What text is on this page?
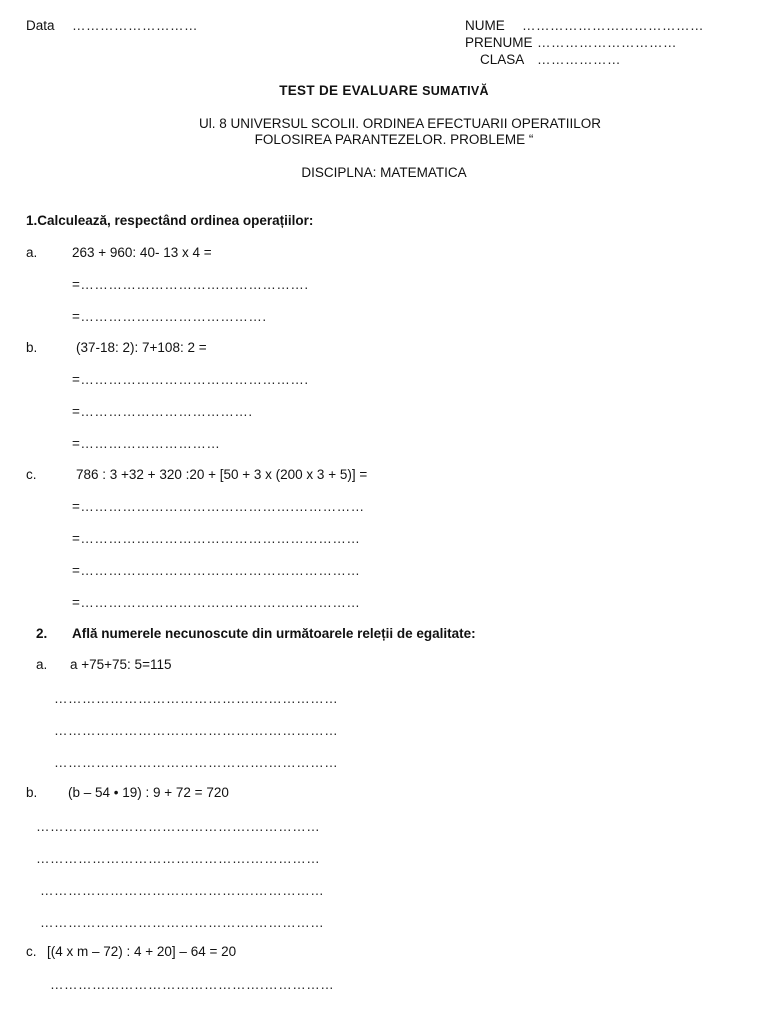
Data ………………………	NUME …………………………………
PRENUME …………………………
CLASA ………………
TEST DE EVALUARE SUMATIVĂ
Ul. 8 UNIVERSUL SCOLII. ORDINEA EFECTUARII OPERATIILOR
FOLOSIREA PARANTEZELOR. PROBLEME “
DISCIPLNA: MATEMATICA
1.Calculează, respectând ordinea operațiilor:
a.	263 + 960: 40- 13 x 4 =
=………………………………………….
=………………………………….
b.	(37-18: 2): 7+108: 2 =
=………………………………………….
=……………………………….
=…………………………
c.	786 : 3 +32 + 320 :20 + [50 + 3 x (200 x 3 + 5)] =
=……………………………………….……………
=……………………………………………………
=……………………………………………………
=……………………………………………………
2. Află numerele necunoscute din următoarele releții de egalitate:
a. a +75+75: 5=115
……………………………………….……………
……………………………………….……………
……………………………………….……………
b. (b – 54 • 19) : 9 + 72 = 720
……………………………………….……………
……………………………………….……………
……………………………………….……………
……………………………………….……………
c. [(4 x m – 72) : 4 + 20] – 64 = 20
……………………………………….……………
